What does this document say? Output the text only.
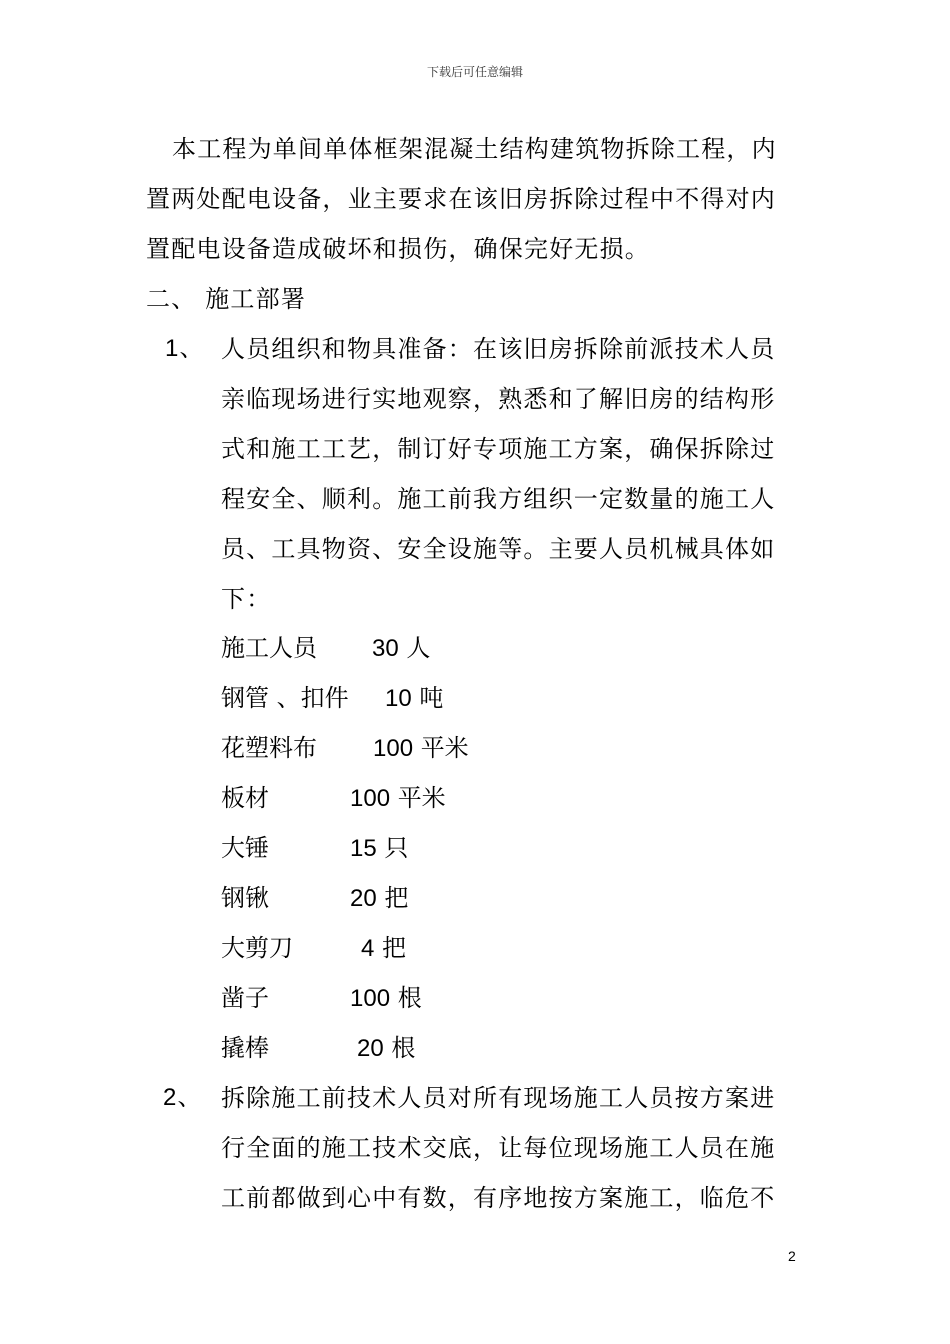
下载后可任意编辑
本工程为单间单体框架混凝土结构建筑物拆除工程，内
置两处配电设备，业主要求在该旧房拆除过程中不得对内
置配电设备造成破坏和损伤，确保完好无损。
二、 施工部署
1、 人员组织和物具准备：在该旧房拆除前派技术人员
亲临现场进行实地观察，熟悉和了解旧房的结构形
式和施工工艺，制订好专项施工方案，确保拆除过
程安全、顺利。施工前我方组织一定数量的施工人
员、工具物资、安全设施等。主要人员机械具体如
下：
施工人员 30 人
钢管 、扣件 10 吨
花塑料布 100 平米
板材	100 平米
大锤	15 只
钢锹	20 把
大剪刀	4 把
凿子	100 根
撬棒	20 根
2、 拆除施工前技术人员对所有现场施工人员按方案进
行全面的施工技术交底，让每位现场施工人员在施
工前都做到心中有数，有序地按方案施工，临危不
2
